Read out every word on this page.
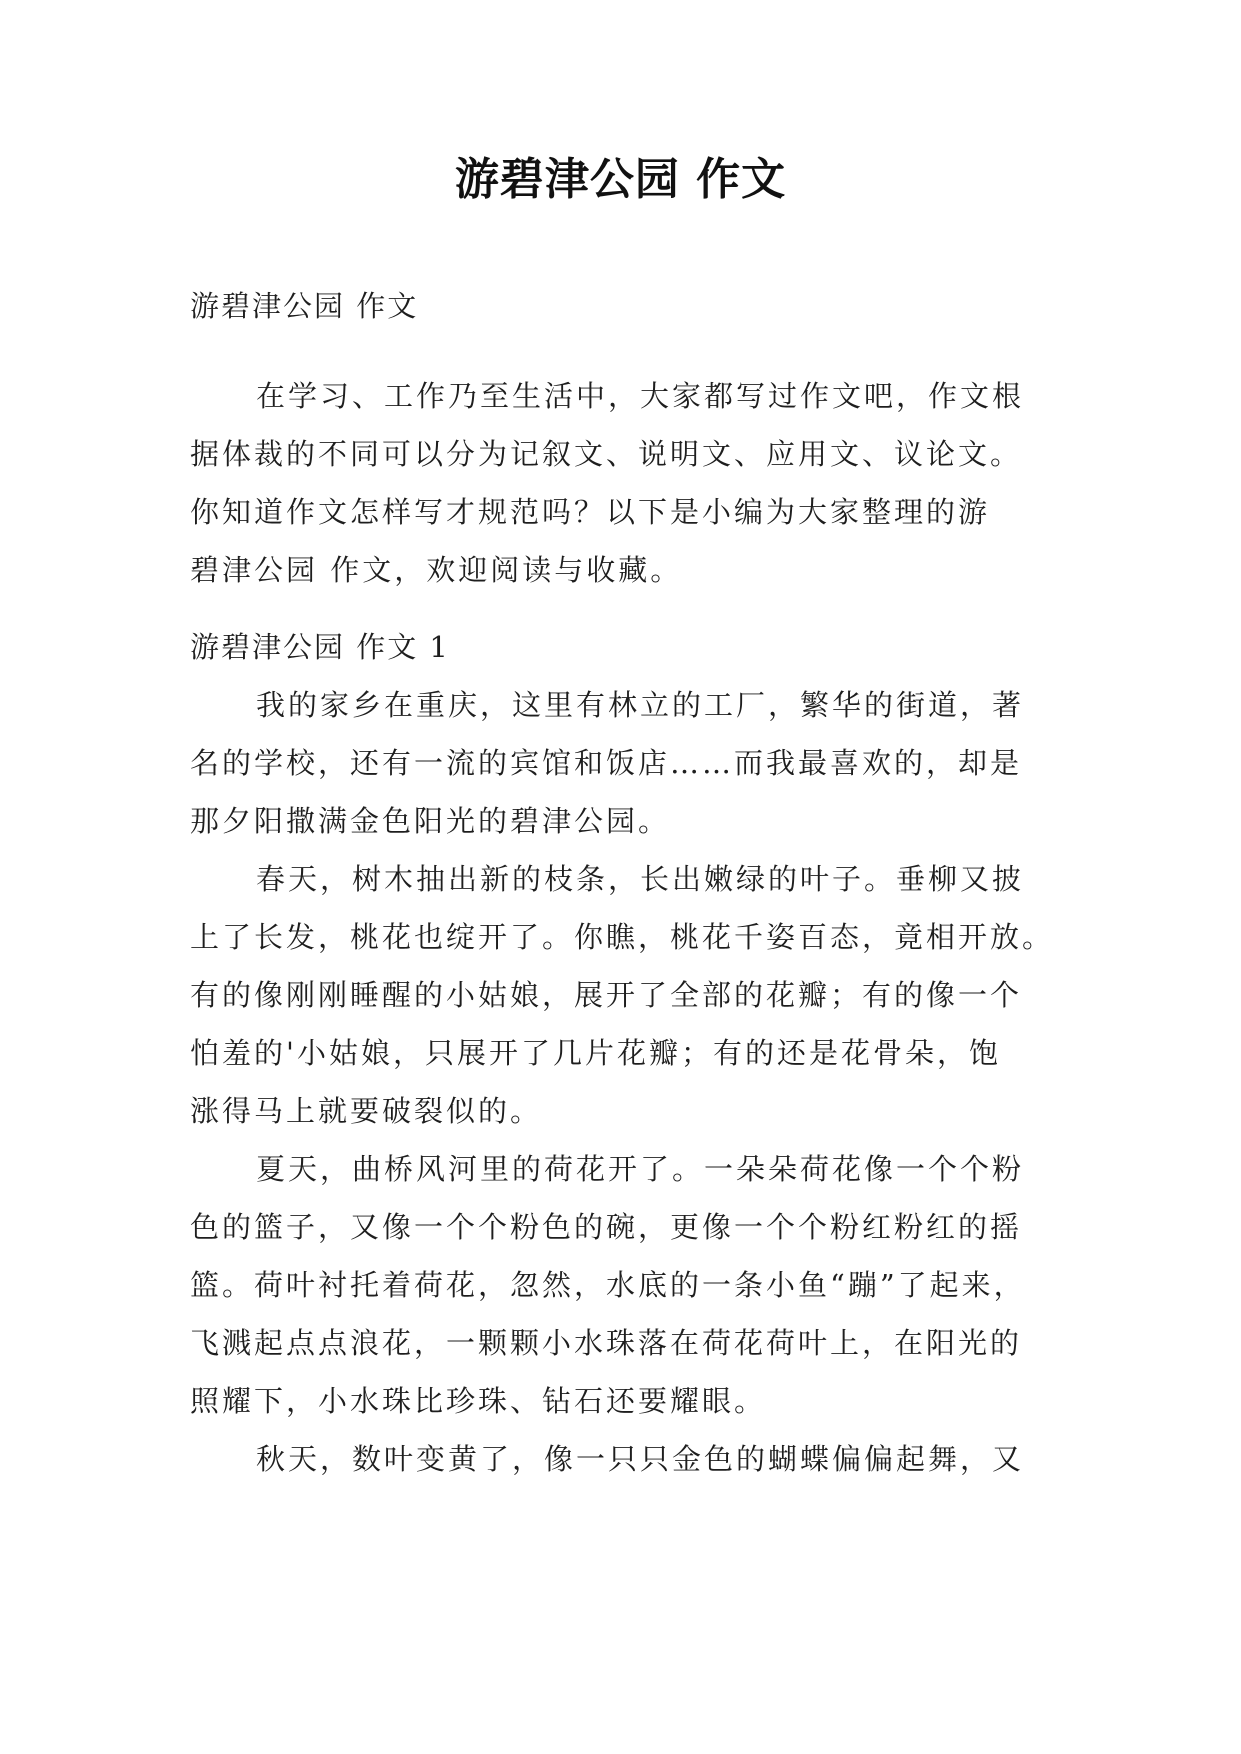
游碧津公园 作文
游碧津公园 作文
在学习、工作乃至生活中，大家都写过作文吧，作文根
据体裁的不同可以分为记叙文、说明文、应用文、议论文。
你知道作文怎样写才规范吗？以下是小编为大家整理的游
碧津公园 作文，欢迎阅读与收藏。
游碧津公园 作文 1
我的家乡在重庆，这里有林立的工厂，繁华的街道，著
名的学校，还有一流的宾馆和饭店……而我最喜欢的，却是
那夕阳撒满金色阳光的碧津公园。
春天，树木抽出新的枝条，长出嫩绿的叶子。垂柳又披
上了长发，桃花也绽开了。你瞧，桃花千姿百态，竟相开放。
有的像刚刚睡醒的小姑娘，展开了全部的花瓣；有的像一个
怕羞的'小姑娘，只展开了几片花瓣；有的还是花骨朵，饱
涨得马上就要破裂似的。
夏天，曲桥风河里的荷花开了。一朵朵荷花像一个个粉
色的篮子，又像一个个粉色的碗，更像一个个粉红粉红的摇
篮。荷叶衬托着荷花，忽然，水底的一条小鱼“蹦”了起来，
飞溅起点点浪花，一颗颗小水珠落在荷花荷叶上，在阳光的
照耀下，小水珠比珍珠、钻石还要耀眼。
秋天，数叶变黄了，像一只只金色的蝴蝶偏偏起舞，又
